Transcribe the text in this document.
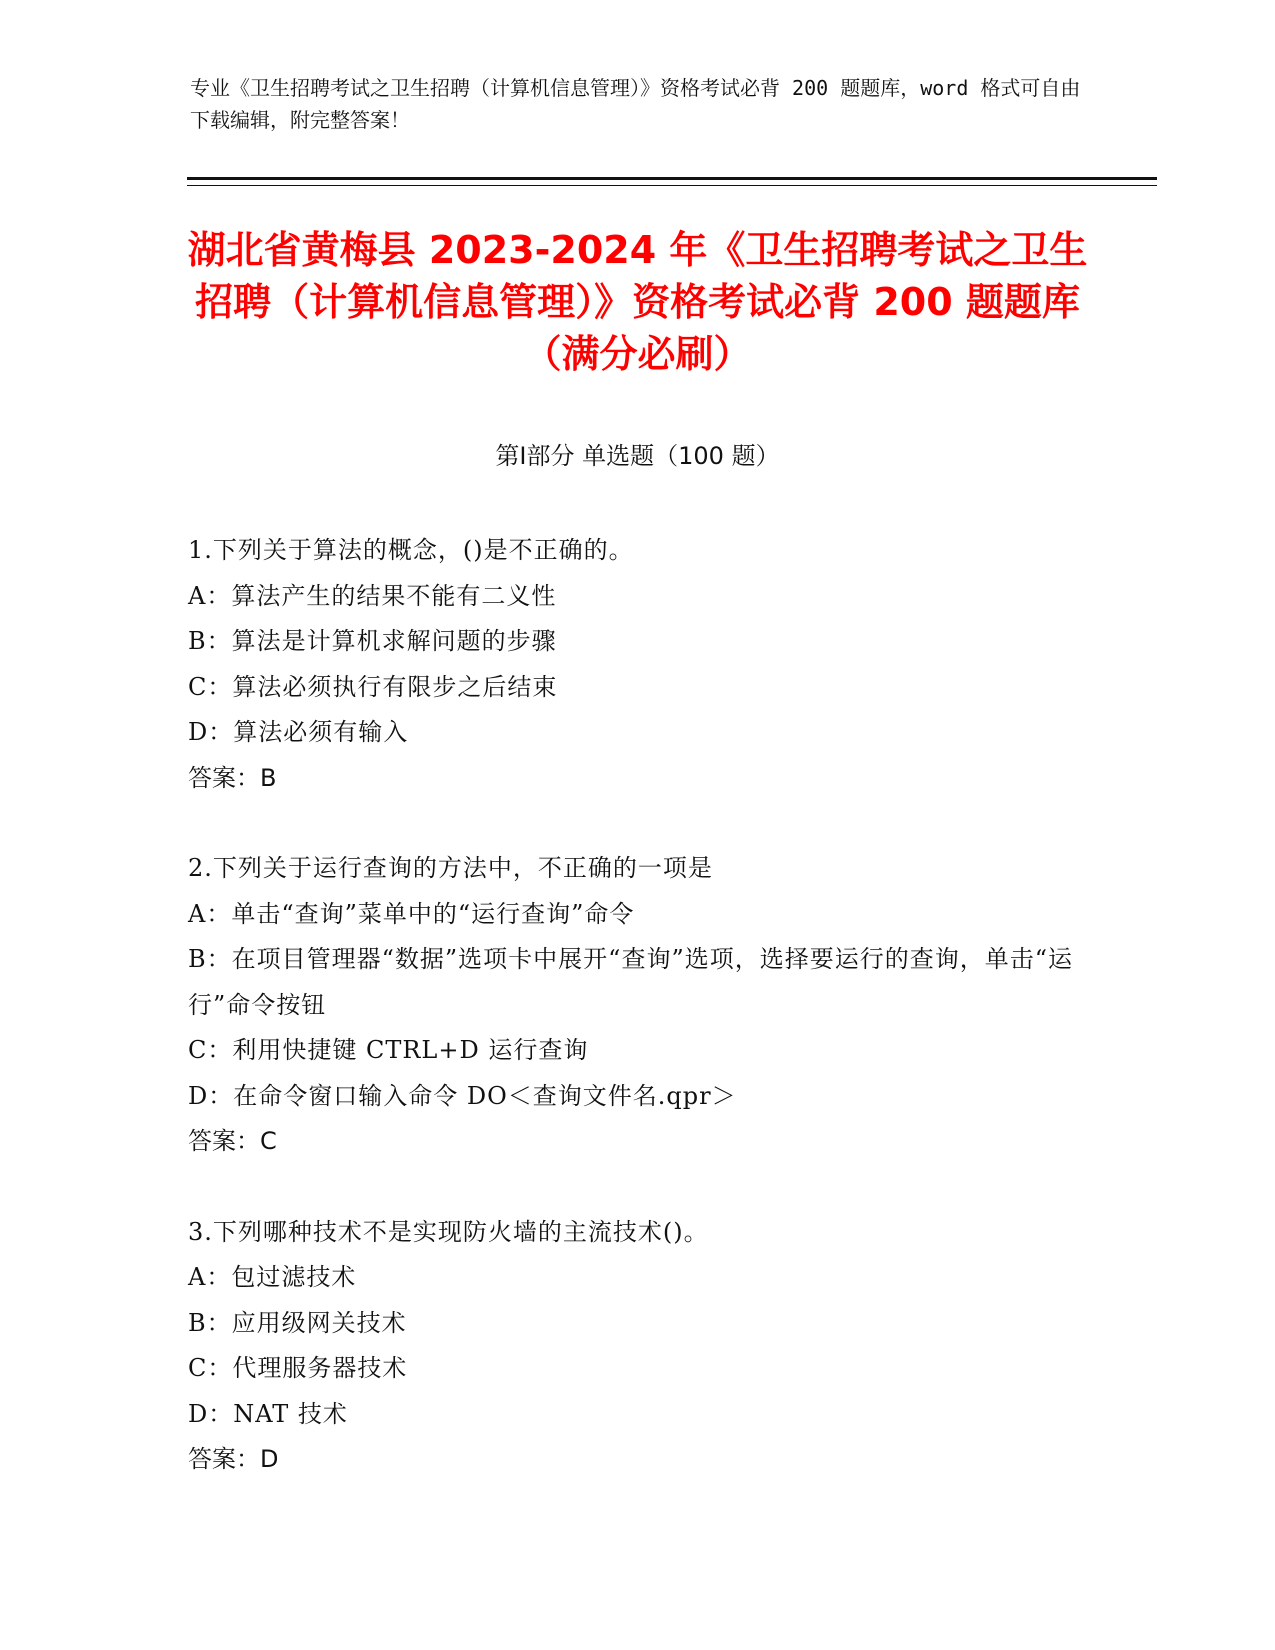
专业《卫生招聘考试之卫生招聘（计算机信息管理）》资格考试必背 200 题题库，word 格式可自由下载编辑，附完整答案！
湖北省黄梅县 2023-2024 年《卫生招聘考试之卫生招聘（计算机信息管理）》资格考试必背 200 题题库（满分必刷）
第Ⅰ部分 单选题（100 题）
1.下列关于算法的概念，()是不正确的。
A：算法产生的结果不能有二义性
B：算法是计算机求解问题的步骤
C：算法必须执行有限步之后结束
D：算法必须有输入
答案：B
2.下列关于运行查询的方法中，不正确的一项是
A：单击“查询”菜单中的“运行查询”命令
B：在项目管理器“数据”选项卡中展开“查询”选项，选择要运行的查询，单击“运行”命令按钮
C：利用快捷键 CTRL+D 运行查询
D：在命令窗口输入命令 DO＜查询文件名.qpr＞
答案：C
3.下列哪种技术不是实现防火墙的主流技术()。
A：包过滤技术
B：应用级网关技术
C：代理服务器技术
D：NAT 技术
答案：D
